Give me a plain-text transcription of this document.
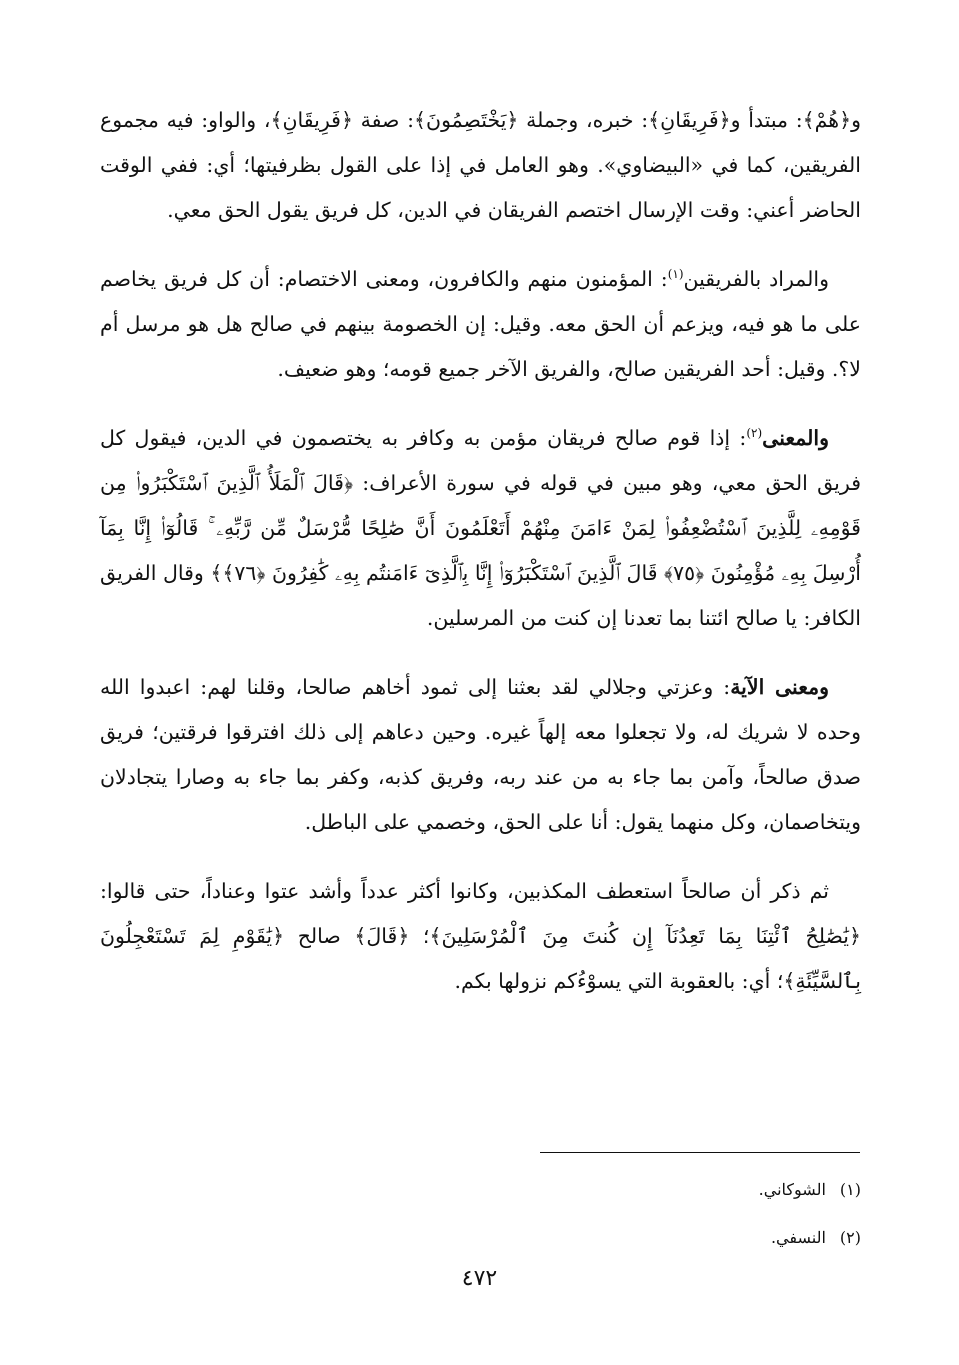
و﴿هُمْ﴾: مبتدأ و﴿فَرِيقَانِ﴾: خبره، وجملة ﴿يَخْتَصِمُونَ﴾: صفة ﴿فَرِيقَانِ﴾، والواو: فيه مجموع الفريقين، كما في «البيضاوي». وهو العامل في إذا على القول بظرفيتها؛ أي: ففي الوقت الحاضر أعني: وقت الإرسال اختصم الفريقان في الدين، كل فريق يقول الحق معي.

والمراد بالفريقين$^{(١)}$: المؤمنون منهم والكافرون، ومعنى الاختصام: أن كل فريق يخاصم على ما هو فيه، ويزعم أن الحق معه. وقيل: إن الخصومة بينهم في صالح هل هو مرسل أم لا؟. وقيل: أحد الفريقين صالح، والفريق الآخر جميع قومه؛ وهو ضعيف.

والمعنى$^{(٢)}$: إذا قوم صالح فريقان مؤمن به وكافر به يختصمون في الدين، فيقول كل فريق الحق معي، وهو مبين في قوله في سورة الأعراف: ﴿قَالَ ٱلْمَلَأُ ٱلَّذِينَ ٱسْتَكْبَرُوا۟ مِن قَوْمِهِۦ لِلَّذِينَ ٱسْتُضْعِفُوا۟ لِمَنْ ءَامَنَ مِنْهُمْ أَتَعْلَمُونَ أَنَّ صَٰلِحًا مُّرْسَلٌ مِّن رَّبِّهِۦ ۚ قَالُوٓا۟ إِنَّا بِمَآ أُرْسِلَ بِهِۦ مُؤْمِنُونَ ﴿٧٥﴾ قَالَ ٱلَّذِينَ ٱسْتَكْبَرُوٓا۟ إِنَّا بِٱلَّذِىٓ ءَامَنتُم بِهِۦ كَٰفِرُونَ ﴿٧٦﴾﴾ وقال الفريق الكافر: يا صالح ائتنا بما تعدنا إن كنت من المرسلين.

ومعنى الآية: وعزتي وجلالي لقد بعثنا إلى ثمود أخاهم صالحا، وقلنا لهم: اعبدوا الله وحده لا شريك له، ولا تجعلوا معه إلهاً غيره. وحين دعاهم إلى ذلك افترقوا فرقتين؛ فريق صدق صالحاً، وآمن بما جاء به من عند ربه، وفريق كذبه، وكفر بما جاء به وصارا يتجادلان ويتخاصمان، وكل منهما يقول: أنا على الحق، وخصمي على الباطل.

ثم ذكر أن صالحاً استعطف المكذبين، وكانوا أكثر عدداً وأشد عتوا وعناداً، حتى قالوا: ﴿يَٰصَٰلِحُ ٱئْتِنَا بِمَا تَعِدُنَآ إِن كُنتَ مِنَ ٱلْمُرْسَلِينَ﴾؛ ﴿قَالَ﴾ صالح ﴿يَٰقَوْمِ لِمَ تَسْتَعْجِلُونَ بِٱلسَّيِّئَةِ﴾؛ أي: بالعقوبة التي يسوْءُكم نزولها بكم.

(١)الشوكاني.
(٢)النسفي.
٤٧٢
